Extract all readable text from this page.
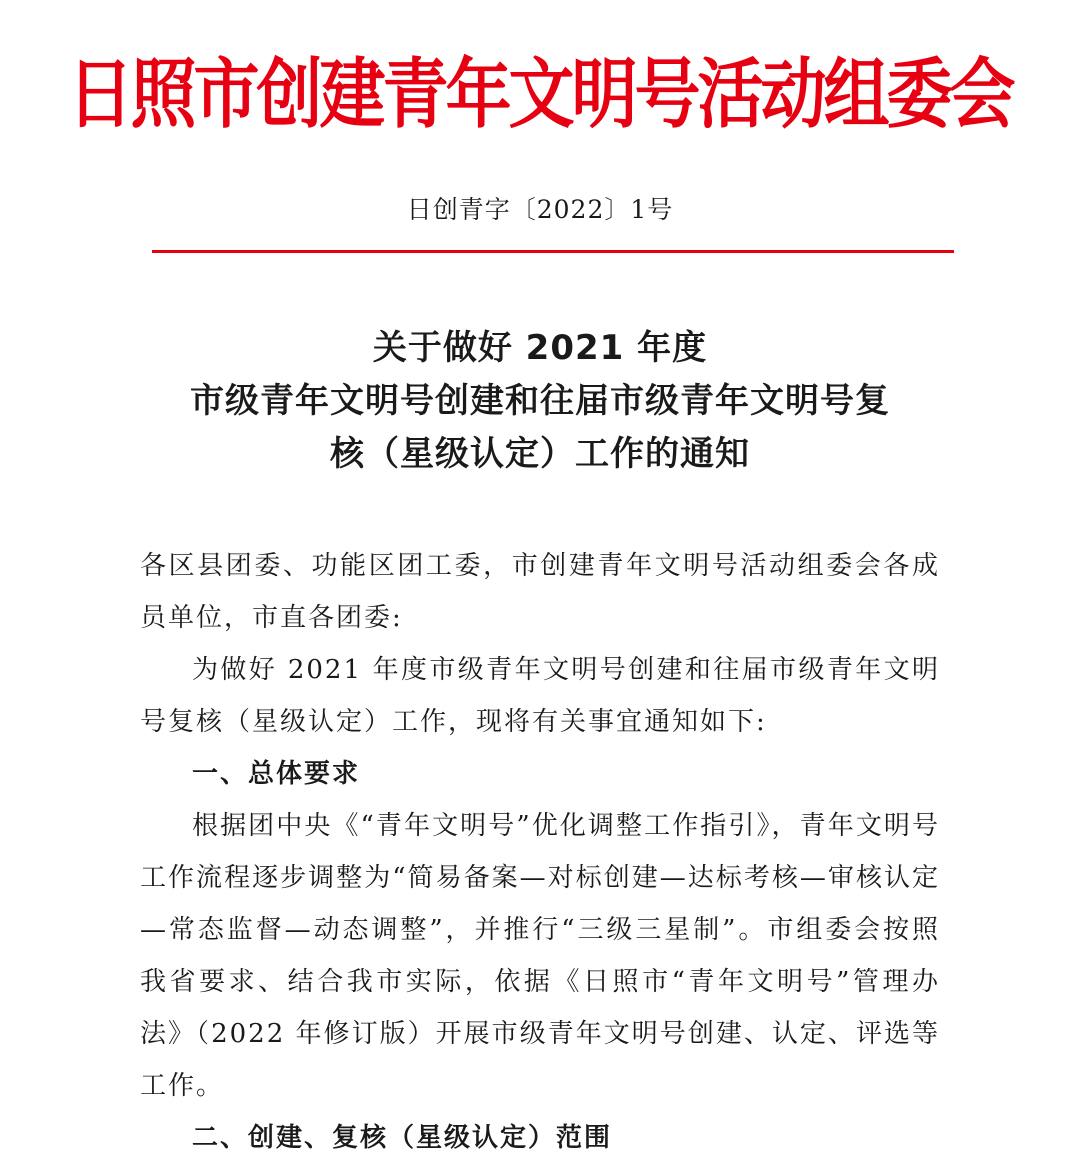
日照市创建青年文明号活动组委会
日创青字〔2022〕1号
关于做好 2021 年度
市级青年文明号创建和往届市级青年文明号复
核（星级认定）工作的通知

各区县团委、功能区团工委，市创建青年文明号活动组委会各成员单位，市直各团委:

为做好 2021 年度市级青年文明号创建和往届市级青年文明号复核（星级认定）工作，现将有关事宜通知如下:

一、总体要求

根据团中央《“青年文明号”优化调整工作指引》，青年文明号工作流程逐步调整为“简易备案—对标创建—达标考核—审核认定—常态监督—动态调整”，并推行“三级三星制”。市组委会按照我省要求、结合我市实际，依据《日照市“青年文明号”管理办法》（2022 年修订版）开展市级青年文明号创建、认定、评选等工作。

二、创建、复核（星级认定）范围
